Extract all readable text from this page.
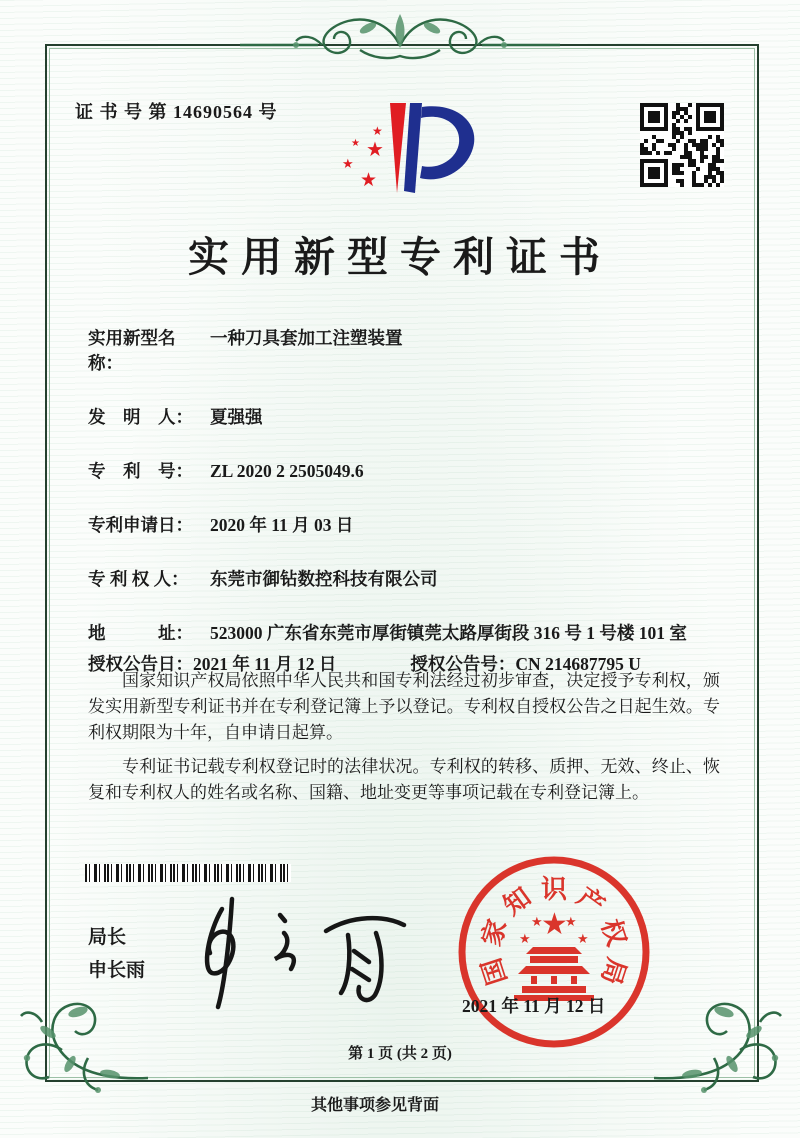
证 书 号 第 14690564 号
★
★ ★
★
★
实用新型专利证书
实用新型名称：
一种刀具套加工注塑装置
发　明　人： 夏强强
专　利　号： ZL 2020 2 2505049.6
专利申请日： 2020 年 11 月 03 日
专 利 权 人：	东莞市御钻数控科技有限公司
地　　　址： 523000 广东省东莞市厚街镇莞太路厚街段 316 号 1 号楼 101 室
授权公告日： 2021 年 11 月 12 日	授权公告号： CN 214687795 U

国家知识产权局依照中华人民共和国专利法经过初步审查，决定授予专利权，颁发实用新型专利证书并在专利登记簿上予以登记。专利权自授权公告之日起生效。专利权期限为十年，自申请日起算。

专利证书记载专利权登记时的法律状况。专利权的转移、质押、无效、终止、恢复和专利权人的姓名或名称、国籍、地址变更等事项记载在专利登记簿上。

局长
申长雨	国
家
知 识 产
权
局
★
★
★ ★
★
2021 年 11 月 12 日
第 1 页 (共 2 页)
其他事项参见背面
